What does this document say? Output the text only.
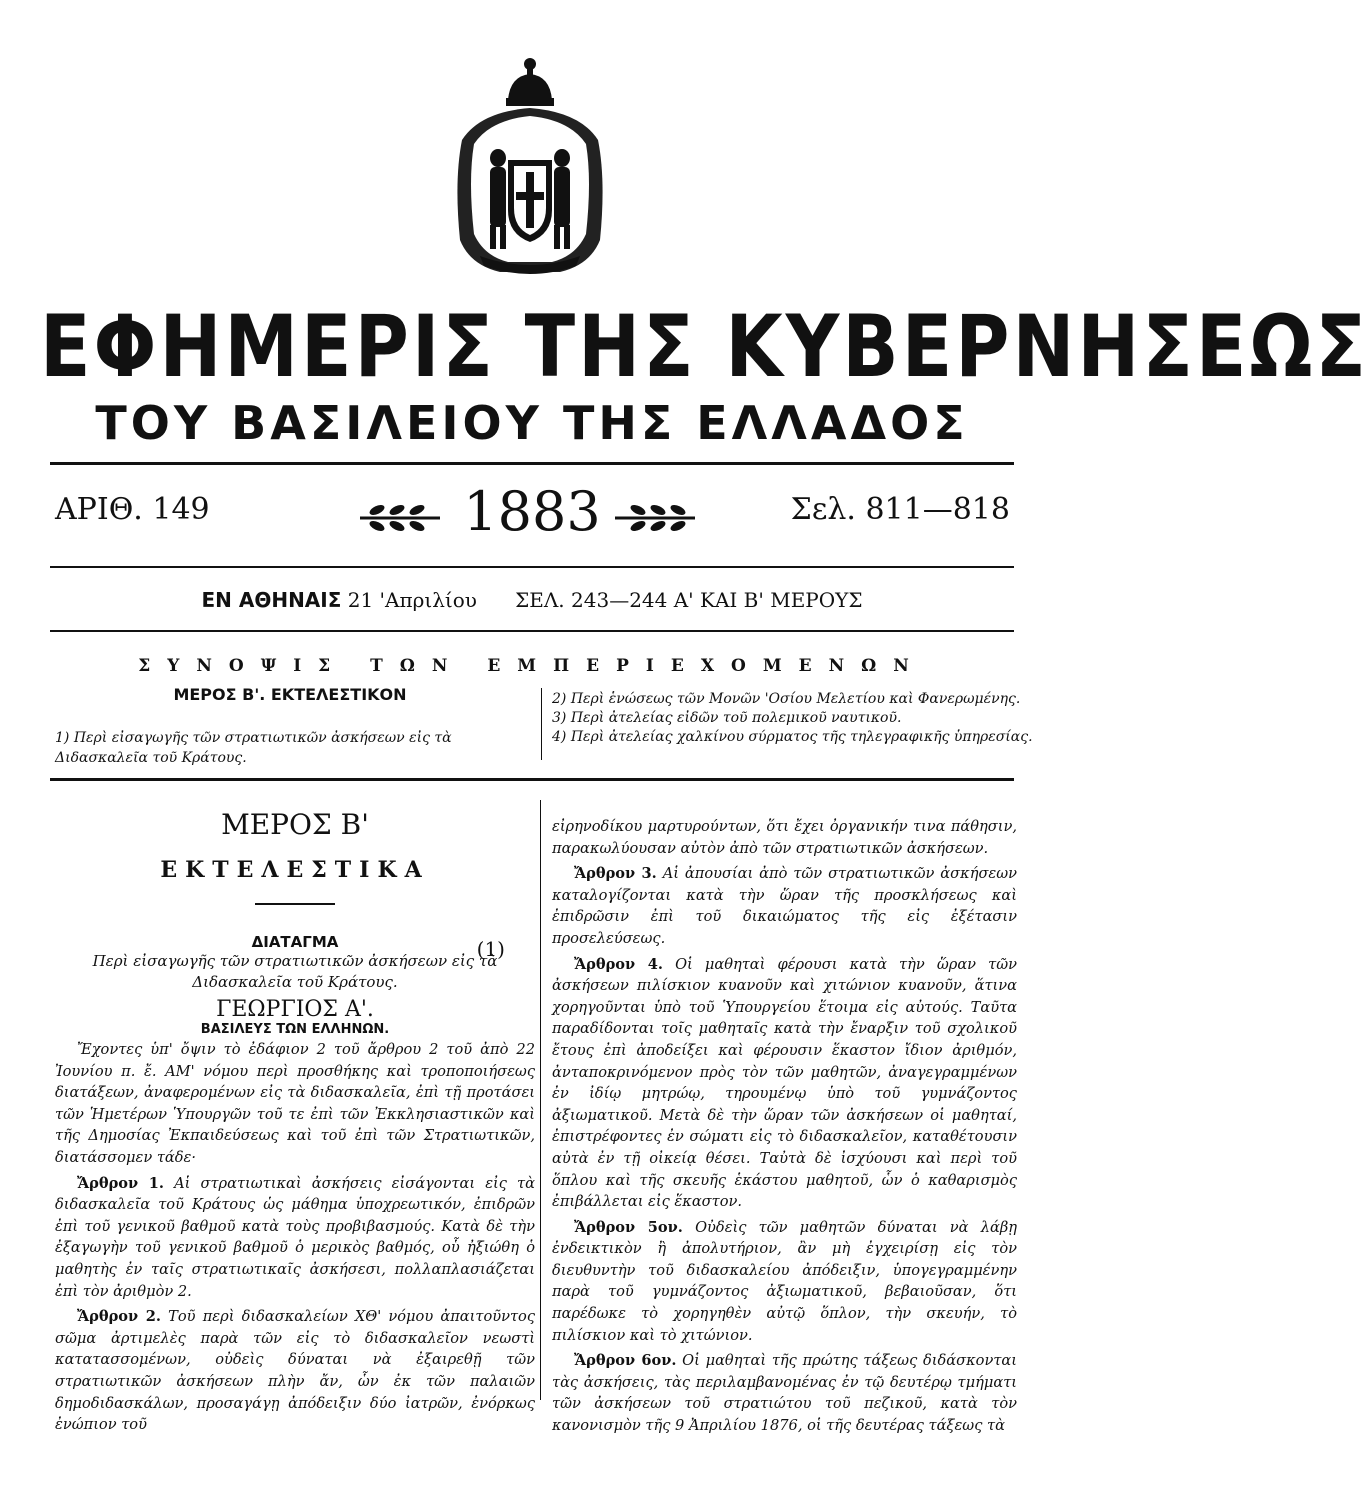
ΕΦΗΜΕΡΙΣ ΤΗΣ ΚΥΒΕΡΝΗΣΕΩΣ
ΤΟΥ ΒΑΣΙΛΕΙΟΥ ΤΗΣ ΕΛΛΑΔΟΣ
ΑΡΙΘ. 149	1883	Σελ. 811—818
ΕΝ ΑΘΗΝΑΙΣ 21 'Απριλίου ΣΕΛ. 243—244 Α' ΚΑΙ Β' ΜΕΡΟΥΣ
ΣΥΝΟΨΙΣ ΤΩΝ ΕΜΠΕΡΙΕΧΟΜΕΝΩΝ
ΜΕΡΟΣ Β'. ΕΚΤΕΛΕΣΤΙΚΟΝ
1) Περὶ εἰσαγωγῆς τῶν στρατιωτικῶν ἀσκήσεων εἰς τὰ Διδασκαλεῖα τοῦ Κράτους.
2) Περὶ ἑνώσεως τῶν Μονῶν 'Οσίου Μελετίου καὶ Φανερωμένης.
3) Περὶ ἀτελείας εἰδῶν τοῦ πολεμικοῦ ναυτικοῦ.
4) Περὶ ἀτελείας χαλκίνου σύρματος τῆς τηλεγραφικῆς ὑπηρεσίας.
ΜΕΡΟΣ Β'
ΕΚΤΕΛΕΣΤΙΚΑ
ΔΙΑΤΑΓΜΑ	(1)
Περὶ εἰσαγωγῆς τῶν στρατιωτικῶν ἀσκήσεων εἰς τὰ Διδασκαλεῖα τοῦ Κράτους.
ΓΕΩΡΓΙΟΣ Α'.
ΒΑΣΙΛΕΥΣ ΤΩΝ ΕΛΛΗΝΩΝ.

Ἔχοντες ὑπ' ὄψιν τὸ ἐδάφιον 2 τοῦ ἄρθρου 2 τοῦ ἀπὸ 22 Ἰουνίου π. ἔ. ΑΜ' νόμου περὶ προσθήκης καὶ τροποποιήσεως διατάξεων, ἀναφερομένων εἰς τὰ διδασκαλεῖα, ἐπὶ τῇ προτάσει τῶν Ἡμετέρων Ὑπουργῶν τοῦ τε ἐπὶ τῶν Ἐκκλησιαστικῶν καὶ τῆς Δημοσίας Ἐκπαιδεύσεως καὶ τοῦ ἐπὶ τῶν Στρατιωτικῶν, διατάσσομεν τάδε·

Ἄρθρον 1. Αἱ στρατιωτικαὶ ἀσκήσεις εἰσάγονται εἰς τὰ διδασκαλεῖα τοῦ Κράτους ὡς μάθημα ὑποχρεωτικόν, ἐπιδρῶν ἐπὶ τοῦ γενικοῦ βαθμοῦ κατὰ τοὺς προβιβασμούς. Κατὰ δὲ τὴν ἐξαγωγὴν τοῦ γενικοῦ βαθμοῦ ὁ μερικὸς βαθμός, οὗ ἠξιώθη ὁ μαθητὴς ἐν ταῖς στρατιωτικαῖς ἀσκήσεσι, πολλαπλασιάζεται ἐπὶ τὸν ἀριθμὸν 2.

Ἄρθρον 2. Τοῦ περὶ διδασκαλείων ΧΘ' νόμου ἀπαιτοῦντος σῶμα ἀρτιμελὲς παρὰ τῶν εἰς τὸ διδασκαλεῖον νεωστὶ κατατασσομένων, οὐδεὶς δύναται νὰ ἐξαιρεθῇ τῶν στρατιωτικῶν ἀσκήσεων πλὴν ἄν, ὧν ἐκ τῶν παλαιῶν δημοδιδασκάλων, προσαγάγῃ ἀπόδειξιν δύο ἰατρῶν, ἐνόρκως ἐνώπιον τοῦ

εἰρηνοδίκου μαρτυρούντων, ὅτι ἔχει ὀργανικήν τινα πάθησιν, παρακωλύουσαν αὐτὸν ἀπὸ τῶν στρατιωτικῶν ἀσκήσεων.

Ἄρθρον 3. Αἱ ἀπουσίαι ἀπὸ τῶν στρατιωτικῶν ἀσκήσεων καταλογίζονται κατὰ τὴν ὥραν τῆς προσκλήσεως καὶ ἐπιδρῶσιν ἐπὶ τοῦ δικαιώματος τῆς εἰς ἐξέτασιν προσελεύσεως.

Ἄρθρον 4. Οἱ μαθηταὶ φέρουσι κατὰ τὴν ὥραν τῶν ἀσκήσεων πιλίσκιον κυανοῦν καὶ χιτώνιον κυανοῦν, ἅτινα χορηγοῦνται ὑπὸ τοῦ Ὑπουργείου ἕτοιμα εἰς αὐτούς. Ταῦτα παραδίδονται τοῖς μαθηταῖς κατὰ τὴν ἔναρξιν τοῦ σχολικοῦ ἔτους ἐπὶ ἀποδείξει καὶ φέρουσιν ἕκαστον ἴδιον ἀριθμόν, ἀνταποκρινόμενον πρὸς τὸν τῶν μαθητῶν, ἀναγεγραμμένων ἐν ἰδίῳ μητρώῳ, τηρουμένῳ ὑπὸ τοῦ γυμνάζοντος ἀξιωματικοῦ. Μετὰ δὲ τὴν ὥραν τῶν ἀσκήσεων οἱ μαθηταί, ἐπιστρέφοντες ἐν σώματι εἰς τὸ διδασκαλεῖον, καταθέτουσιν αὐτὰ ἐν τῇ οἰκείᾳ θέσει. Ταὐτὰ δὲ ἰσχύουσι καὶ περὶ τοῦ ὅπλου καὶ τῆς σκευῆς ἑκάστου μαθητοῦ, ὧν ὁ καθαρισμὸς ἐπιβάλλεται εἰς ἕκαστον.

Ἄρθρον 5ον. Οὐδεὶς τῶν μαθητῶν δύναται νὰ λάβῃ ἐνδεικτικὸν ἢ ἀπολυτήριον, ἂν μὴ ἐγχειρίσῃ εἰς τὸν διευθυντὴν τοῦ διδασκαλείου ἀπόδειξιν, ὑπογεγραμμένην παρὰ τοῦ γυμνάζοντος ἀξιωματικοῦ, βεβαιοῦσαν, ὅτι παρέδωκε τὸ χορηγηθὲν αὐτῷ ὅπλον, τὴν σκευήν, τὸ πιλίσκιον καὶ τὸ χιτώνιον.

Ἄρθρον 6ον. Οἱ μαθηταὶ τῆς πρώτης τάξεως διδάσκονται τὰς ἀσκήσεις, τὰς περιλαμβανομένας ἐν τῷ δευτέρῳ τμήματι τῶν ἀσκήσεων τοῦ στρατιώτου τοῦ πεζικοῦ, κατὰ τὸν κανονισμὸν τῆς 9 Ἀπριλίου 1876, οἱ τῆς δευτέρας τάξεως τὰ
